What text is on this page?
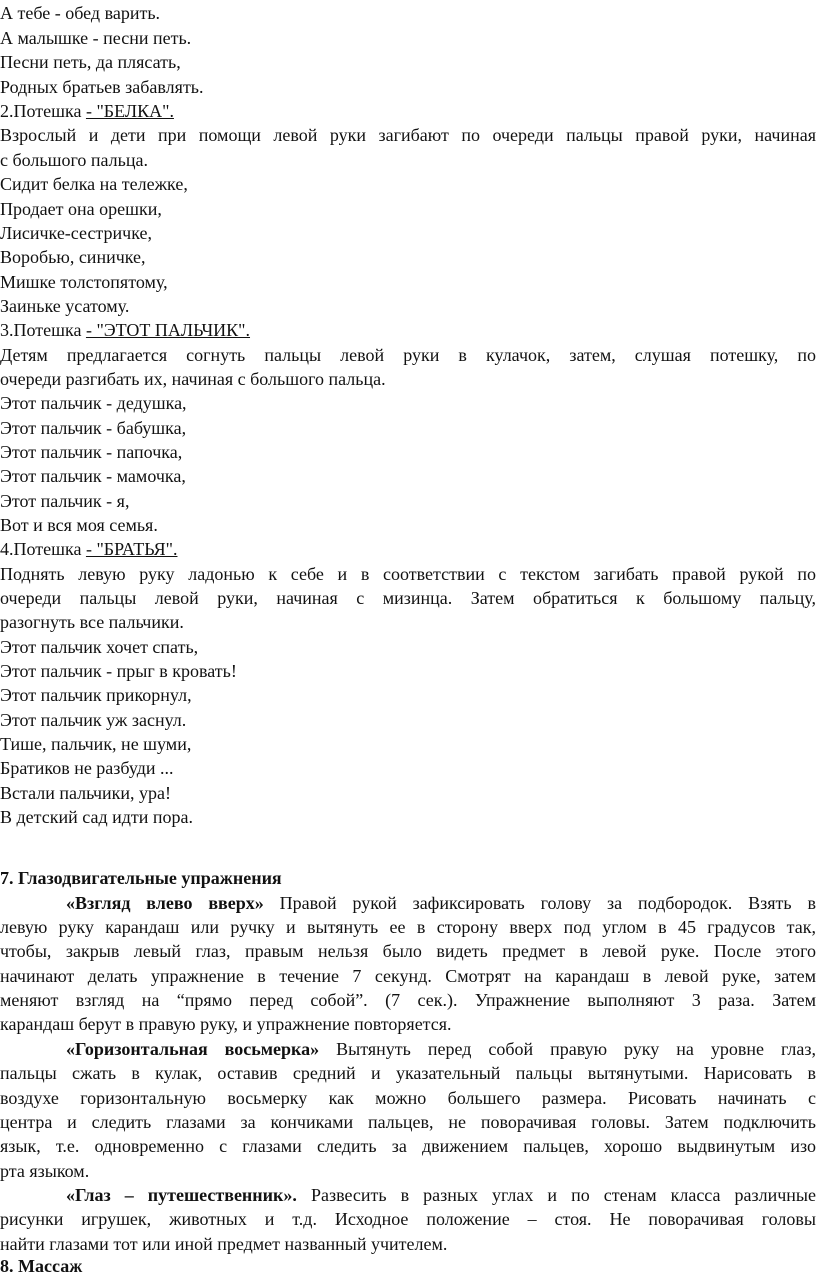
А тебе - обед варить.
А малышке - песни петь.
Песни петь, да плясать,
Родных братьев забавлять.
2.Потешка - "БЕЛКА".
Взрослый и дети при помощи левой руки загибают по очереди пальцы правой руки, начиная
с большого пальца.
Сидит белка на тележке,
Продает она орешки,
Лисичке-сестричке,
Воробью, синичке,
Мишке толстопятому,
Заиньке усатому.
3.Потешка - "ЭТОТ ПАЛЬЧИК".
Детям предлагается согнуть пальцы левой руки в кулачок, затем, слушая потешку, по
очереди разгибать их, начиная с большого пальца.
Этот пальчик - дедушка,
Этот пальчик - бабушка,
Этот пальчик - папочка,
Этот пальчик - мамочка,
Этот пальчик - я,
Вот и вся моя семья.
4.Потешка - "БРАТЬЯ".
Поднять левую руку ладонью к себе и в соответствии с текстом загибать правой рукой по
очереди пальцы левой руки, начиная с мизинца. Затем обратиться к большому пальцу,
разогнуть все пальчики.
Этот пальчик хочет спать,
Этот пальчик - прыг в кровать!
Этот пальчик прикорнул,
Этот пальчик уж заснул.
Тише, пальчик, не шуми,
Братиков не разбуди ...
Встали пальчики, ура!
В детский сад идти пора.
7. Глазодвигательные упражнения
«Взгляд влево вверх» Правой рукой зафиксировать голову за подбородок. Взять в
левую руку карандаш или ручку и вытянуть ее в сторону вверх под углом в 45 градусов так,
чтобы, закрыв левый глаз, правым нельзя было видеть предмет в левой руке. После этого
начинают делать упражнение в течение 7 секунд. Смотрят на карандаш в левой руке, затем
меняют взгляд на “прямо перед собой”. (7 сек.). Упражнение выполняют 3 раза. Затем
карандаш берут в правую руку, и упражнение повторяется.
«Горизонтальная восьмерка» Вытянуть перед собой правую руку на уровне глаз,
пальцы сжать в кулак, оставив средний и указательный пальцы вытянутыми. Нарисовать в
воздухе горизонтальную восьмерку как можно большего размера. Рисовать начинать с
центра и следить глазами за кончиками пальцев, не поворачивая головы. Затем подключить
язык, т.е. одновременно с глазами следить за движением пальцев, хорошо выдвинутым изо
рта языком.
«Глаз – путешественник». Развесить в разных углах и по стенам класса различные
рисунки игрушек, животных и т.д. Исходное положение – стоя. Не поворачивая головы
найти глазами тот или иной предмет названный учителем.
8. Массаж
